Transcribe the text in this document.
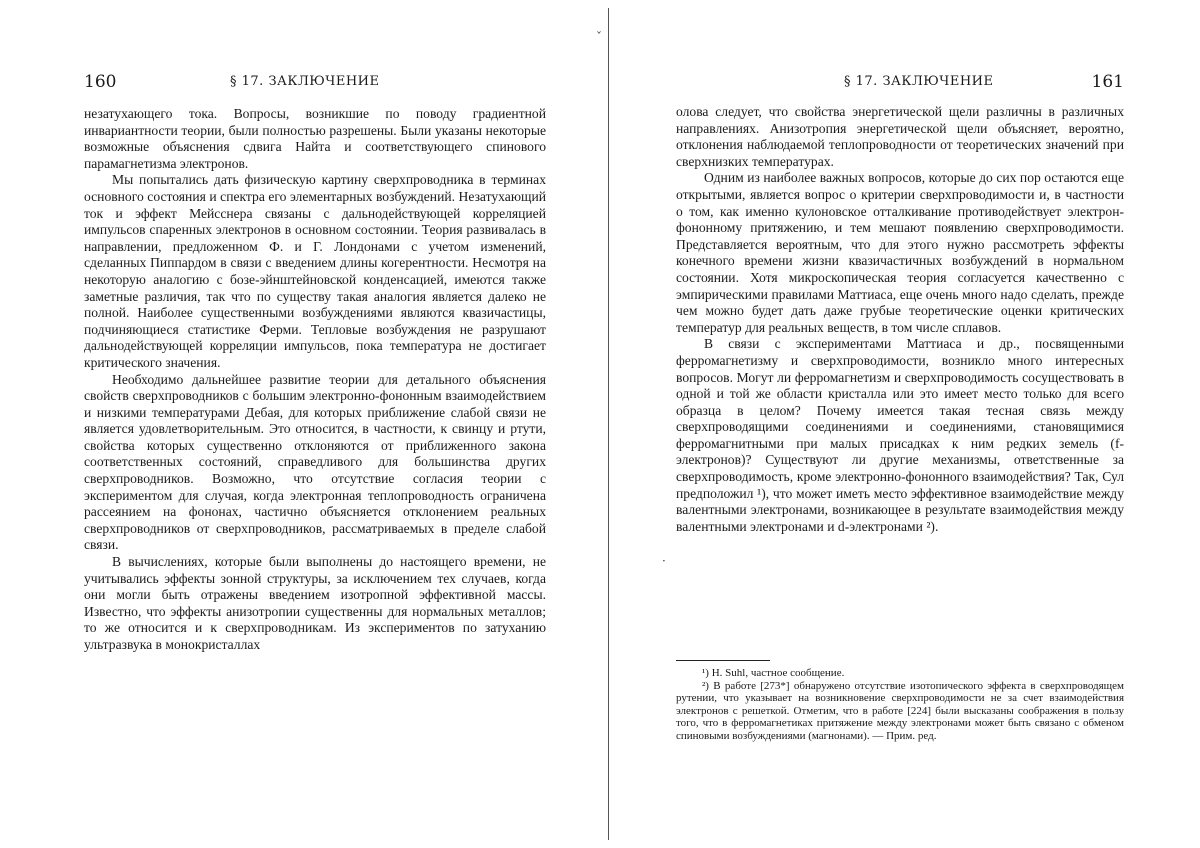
160	§ 17. ЗАКЛЮЧЕНИЕ

незатухающего тока. Вопросы, возникшие по поводу градиентной инвариантности теории, были полностью разрешены. Были указаны некоторые возможные объяснения сдвига Найта и соответствующего спинового парамагнетизма электронов.

Мы попытались дать физическую картину сверхпроводника в терминах основного состояния и спектра его элементарных возбуждений. Незатухающий ток и эффект Мейсснера связаны с дальнодействующей корреляцией импульсов спаренных электронов в основном состоянии. Теория развивалась в направлении, предложенном Ф. и Г. Лондонами с учетом изменений, сделанных Пиппардом в связи с введением длины когерентности. Несмотря на некоторую аналогию с бозе-эйнштейновской конденсацией, имеются также заметные различия, так что по существу такая аналогия является далеко не полной. Наиболее существенными возбуждениями являются квазичастицы, подчиняющиеся статистике Ферми. Тепловые возбуждения не разрушают дальнодействующей корреляции импульсов, пока температура не достигает критического значения.

Необходимо дальнейшее развитие теории для детального объяснения свойств сверхпроводников с большим электронно-фононным взаимодействием и низкими температурами Дебая, для которых приближение слабой связи не является удовлетворительным. Это относится, в частности, к свинцу и ртути, свойства которых существенно отклоняются от приближенного закона соответственных состояний, справедливого для большинства других сверхпроводников. Возможно, что отсутствие согласия теории с экспериментом для случая, когда электронная теплопроводность ограничена рассеянием на фононах, частично объясняется отклонением реальных сверхпроводников от сверхпроводников, рассматриваемых в пределе слабой связи.

В вычислениях, которые были выполнены до настоящего времени, не учитывались эффекты зонной структуры, за исключением тех случаев, когда они могли быть отражены введением изотропной эффективной массы. Известно, что эффекты анизотропии существенны для нормальных металлов; то же относится и к сверхпроводникам. Из экспериментов по затуханию ультразвука в монокристаллах

ˇ
·
§ 17. ЗАКЛЮЧЕНИЕ	161

олова следует, что свойства энергетической щели различны в различных направлениях. Анизотропия энергетической щели объясняет, вероятно, отклонения наблюдаемой теплопроводности от теоретических значений при сверхнизких температурах.

Одним из наиболее важных вопросов, которые до сих пор остаются еще открытыми, является вопрос о критерии сверхпроводимости и, в частности о том, как именно кулоновское отталкивание противодействует электрон-фононному притяжению, и тем мешают появлению сверхпроводимости. Представляется вероятным, что для этого нужно рассмотреть эффекты конечного времени жизни квазичастичных возбуждений в нормальном состоянии. Хотя микроскопическая теория согласуется качественно с эмпирическими правилами Маттиаса, еще очень много надо сделать, прежде чем можно будет дать даже грубые теоретические оценки критических температур для реальных веществ, в том числе сплавов.

В связи с экспериментами Маттиаса и др., посвященными ферромагнетизму и сверхпроводимости, возникло много интересных вопросов. Могут ли ферромагнетизм и сверхпроводимость сосуществовать в одной и той же области кристалла или это имеет место только для всего образца в целом? Почему имеется такая тесная связь между сверхпроводящими соединениями и соединениями, становящимися ферромагнитными при малых присадках к ним редких земель (f-электронов)? Существуют ли другие механизмы, ответственные за сверхпроводимость, кроме электронно-фононного взаимодействия? Так, Сул предположил ¹), что может иметь место эффективное взаимодействие между валентными электронами, возникающее в результате взаимодействия между валентными электронами и d-электронами ²).

¹) H. Suhl, частное сообщение.

²) В работе [273*] обнаружено отсутствие изотопического эффекта в сверхпроводящем рутении, что указывает на возникновение сверхпроводимости не за счет взаимодействия электронов с решеткой. Отметим, что в работе [224] были высказаны соображения в пользу того, что в ферромагнетиках притяжение между электронами может быть связано с обменом спиновыми возбуждениями (магнонами). — Прим. ред.
